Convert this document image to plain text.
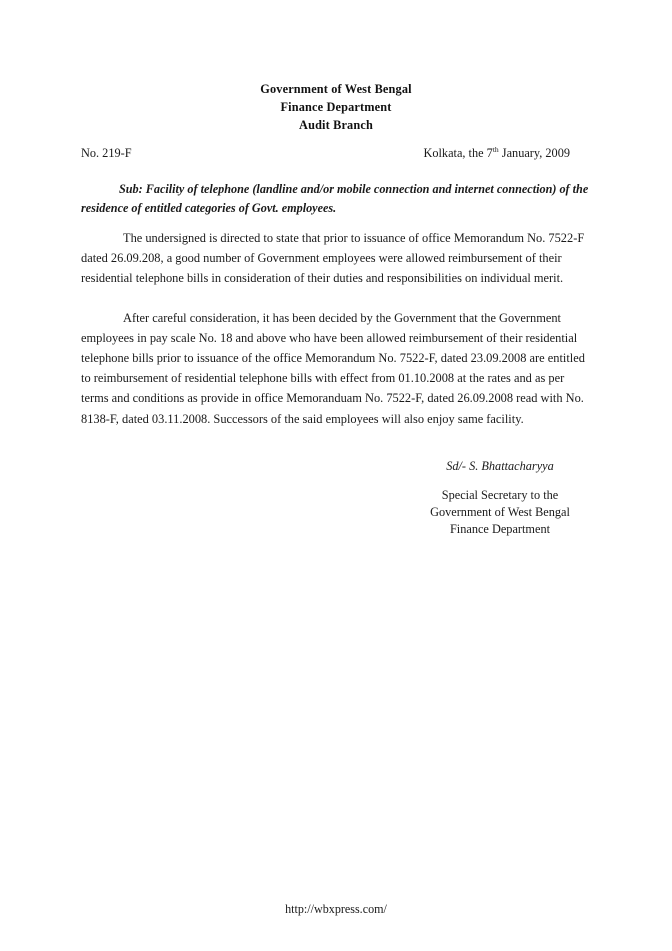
Government of West Bengal
Finance Department
Audit Branch
No. 219-F	Kolkata, the 7th January, 2009
Sub: Facility of telephone (landline and/or mobile connection and internet connection) of the residence of entitled categories of Govt. employees.

The undersigned is directed to state that prior to issuance of office Memorandum No. 7522-F dated 26.09.208, a good number of Government employees were allowed reimbursement of their residential telephone bills in consideration of their duties and responsibilities on individual merit.

After careful consideration, it has been decided by the Government that the Government employees in pay scale No. 18 and above who have been allowed reimbursement of their residential telephone bills prior to issuance of the office Memorandum No. 7522-F, dated 23.09.2008 are entitled to reimbursement of residential telephone bills with effect from 01.10.2008 at the rates and as per terms and conditions as provide in office Memoranduam No. 7522-F, dated 26.09.2008 read with No. 8138-F, dated 03.11.2008. Successors of the said employees will also enjoy same facility.

Sd/- S. Bhattacharyya
Special Secretary to the
Government of West Bengal
Finance Department
http://wbxpress.com/
